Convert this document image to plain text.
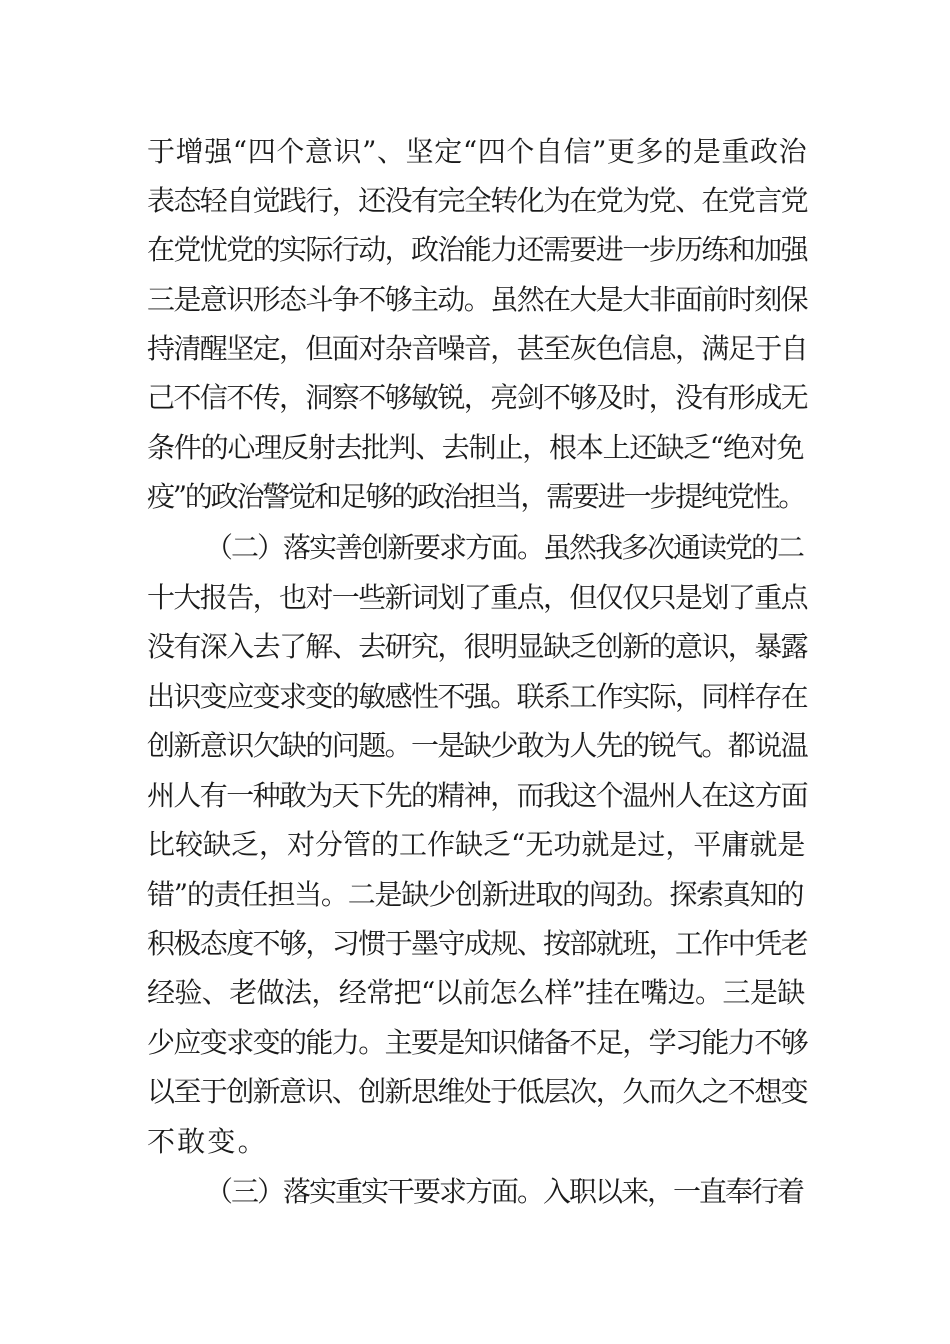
于增强“四个意识”、坚定“四个自信”更多的是重政治
表态轻自觉践行，还没有完全转化为在党为党、在党言党
在党忧党的实际行动，政治能力还需要进一步历练和加强
三是意识形态斗争不够主动。虽然在大是大非面前时刻保
持清醒坚定，但面对杂音噪音，甚至灰色信息，满足于自
己不信不传，洞察不够敏锐，亮剑不够及时，没有形成无
条件的心理反射去批判、去制止，根本上还缺乏“绝对免
疫”的政治警觉和足够的政治担当，需要进一步提纯党性。
（二）落实善创新要求方面。虽然我多次通读党的二
十大报告，也对一些新词划了重点，但仅仅只是划了重点
没有深入去了解、去研究，很明显缺乏创新的意识，暴露
出识变应变求变的敏感性不强。联系工作实际，同样存在
创新意识欠缺的问题。一是缺少敢为人先的锐气。都说温
州人有一种敢为天下先的精神，而我这个温州人在这方面
比较缺乏，对分管的工作缺乏“无功就是过，平庸就是
错”的责任担当。二是缺少创新进取的闯劲。探索真知的
积极态度不够，习惯于墨守成规、按部就班，工作中凭老
经验、老做法，经常把“以前怎么样”挂在嘴边。三是缺
少应变求变的能力。主要是知识储备不足，学习能力不够
以至于创新意识、创新思维处于低层次，久而久之不想变
不敢变。
（三）落实重实干要求方面。入职以来，一直奉行着
